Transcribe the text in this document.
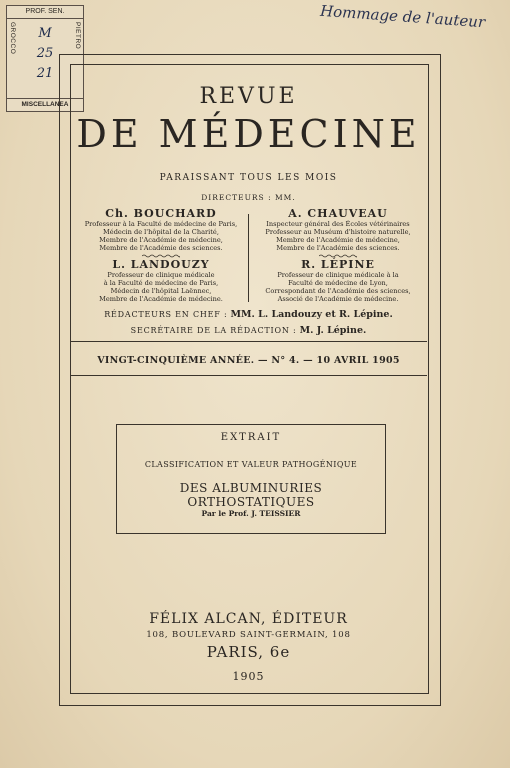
PROF. SEN.
GROCCO	PIETRO
M
25
21
MISCELLANEA
Hommage de l'auteur
REVUE
DE MÉDECINE
PARAISSANT TOUS LES MOIS
DIRECTEURS : MM.
Ch. BOUCHARD
Professeur à la Faculté de médecine de Paris,
Médecin de l'hôpital de la Charité,
Membre de l'Académie de médecine,
Membre de l'Académie des sciences.
A. CHAUVEAU
Inspecteur général des Écoles vétérinaires
Professeur au Muséum d'histoire naturelle,
Membre de l'Académie de médecine,
Membre de l'Académie des sciences.
L. LANDOUZY
Professeur de clinique médicale
à la Faculté de médecine de Paris,
Médecin de l'hôpital Laënnec,
Membre de l'Académie de médecine.
R. LÉPINE
Professeur de clinique médicale à la
Faculté de médecine de Lyon,
Correspondant de l'Académie des sciences,
Associé de l'Académie de médecine.
RÉDACTEURS EN CHEF : MM. L. Landouzy et R. Lépine.
SECRÉTAIRE DE LA RÉDACTION : M. J. Lépine.
VINGT-CINQUIÈME ANNÉE. — N° 4. — 10 AVRIL 1905
EXTRAIT
CLASSIFICATION ET VALEUR PATHOGÉNIQUE
DES ALBUMINURIES ORTHOSTATIQUES
Par le Prof. J. TEISSIER
FÉLIX ALCAN, ÉDITEUR
108, BOULEVARD SAINT-GERMAIN, 108
PARIS, 6e
1905
